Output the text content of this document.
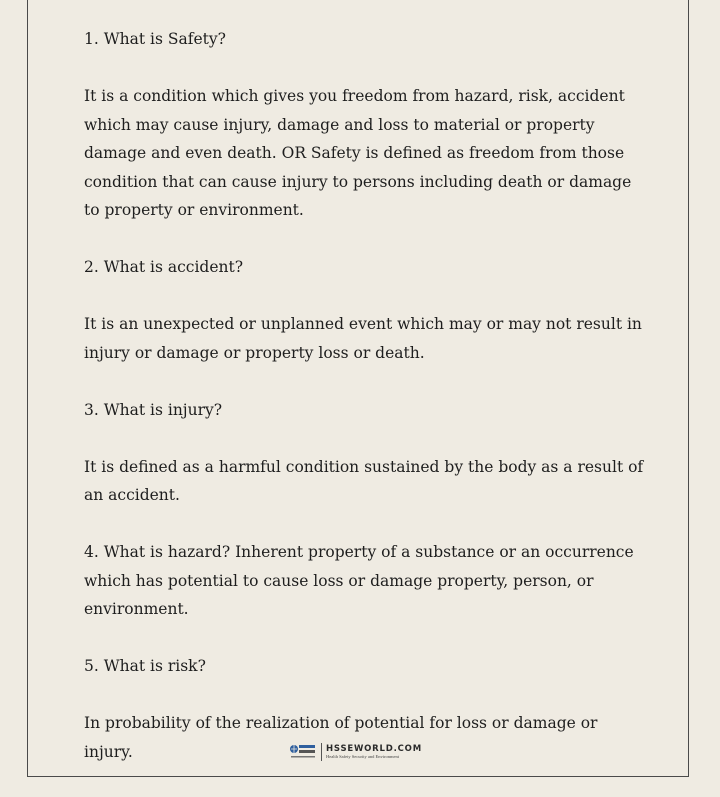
1. What is Safety?

It is a condition which gives you freedom from hazard, risk, accident which may cause injury, damage and loss to material or property damage and even death. OR Safety is defined as freedom from those condition that can cause injury to persons including death or damage to property or environment.

2. What is accident?

It is an unexpected or unplanned event which may or may not result in injury or damage or property loss or death.

3. What is injury?

It is defined as a harmful condition sustained by the body as a result of an accident.

4. What is hazard? Inherent property of a substance or an occurrence which has potential to cause loss or damage property, person, or environment.

5. What is risk?

In probability of the realization of potential for loss or damage or injury.	HSSEWORLD.COM
Health Safety Security and Environment
